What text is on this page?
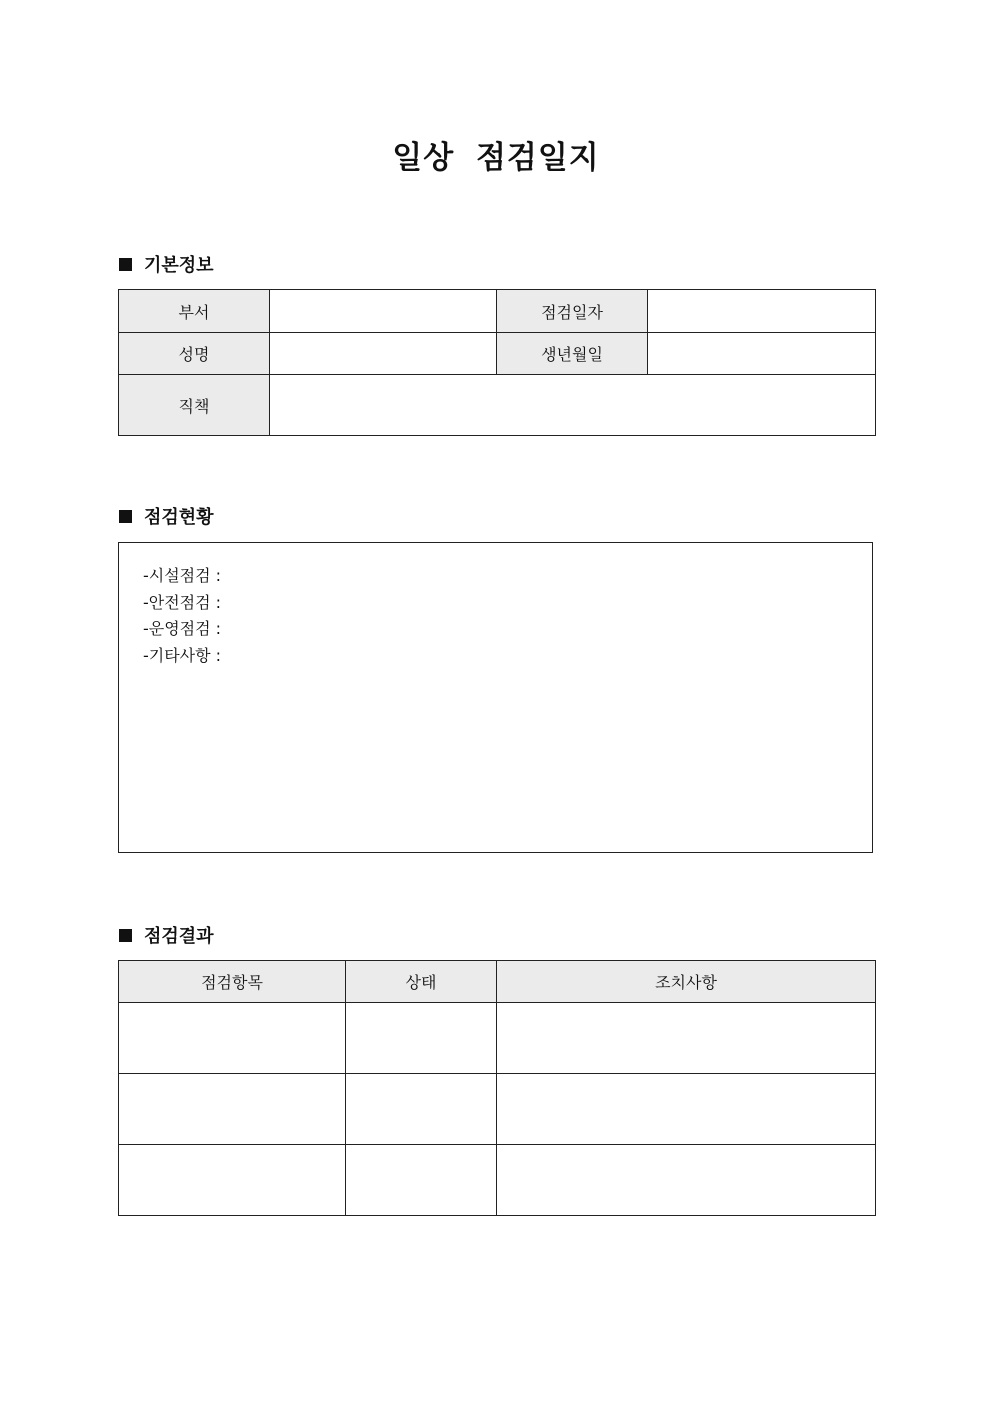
일상 점검일지
기본정보
부서		점검일자	
성명		생년월일	
직책			
점검현황
-시설점검 :
-안전점검 :
-운영점검 :
-기타사항 :
점검결과
점검항목	상태	조치사항
